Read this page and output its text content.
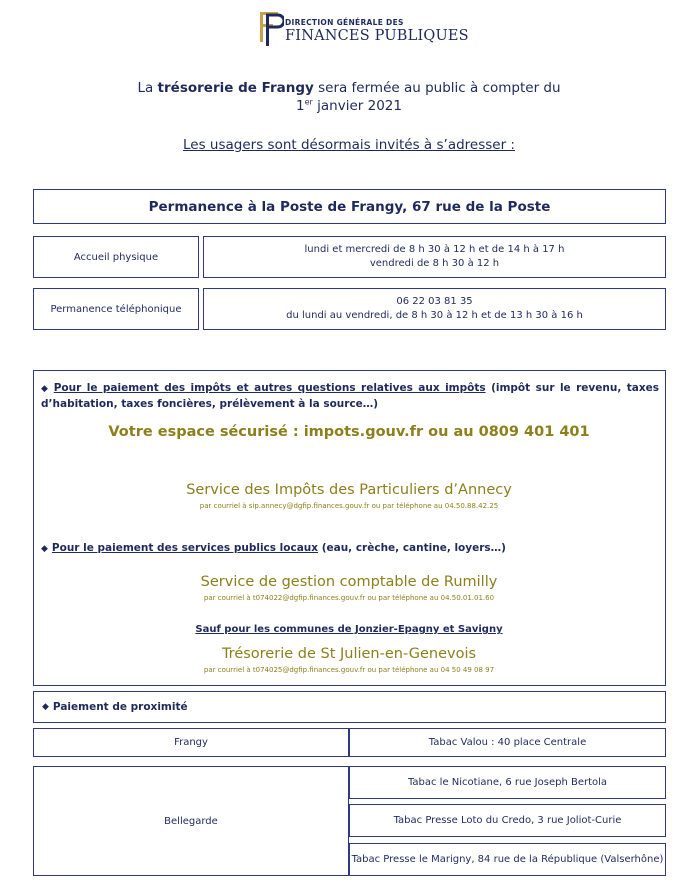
DIRECTION GÉNÉRALE DES
FINANCES PUBLIQUES
La trésorerie de Frangy sera fermée au public à compter du
1er janvier 2021
Les usagers sont désormais invités à s’adresser :
Permanence à la Poste de Frangy, 67 rue de la Poste
Accueil physique
lundi et mercredi de 8 h 30 à 12 h et de 14 h à 17 h
vendredi de 8 h 30 à 12 h
Permanence téléphonique
06 22 03 81 35
du lundi au vendredi, de 8 h 30 à 12 h et de 13 h 30 à 16 h
◆ Pour le paiement des impôts et autres questions relatives aux impôts (impôt sur le revenu, taxes d’habitation, taxes foncières, prélèvement à la source…)
Votre espace sécurisé : impots.gouv.fr ou au 0809 401 401
Service des Impôts des Particuliers d’Annecy
par courriel à sip.annecy@dgfip.finances.gouv.fr ou par téléphone au 04.50.88.42.25
◆ Pour le paiement des services publics locaux (eau, crèche, cantine, loyers…)
Service de gestion comptable de Rumilly
par courriel à t074022@dgfip.finances.gouv.fr ou par téléphone au 04.50.01.01.60
Sauf pour les communes de Jonzier-Epagny et Savigny
Trésorerie de St Julien-en-Genevois
par courriel à t074025@dgfip.finances.gouv.fr ou par téléphone au 04 50 49 08 97
◆ Paiement de proximité
Frangy	Tabac Valou : 40 place Centrale
Bellegarde
Tabac le Nicotiane, 6 rue Joseph Bertola
Tabac Presse Loto du Credo, 3 rue Joliot-Curie
Tabac Presse le Marigny, 84 rue de la République (Valserhône)
